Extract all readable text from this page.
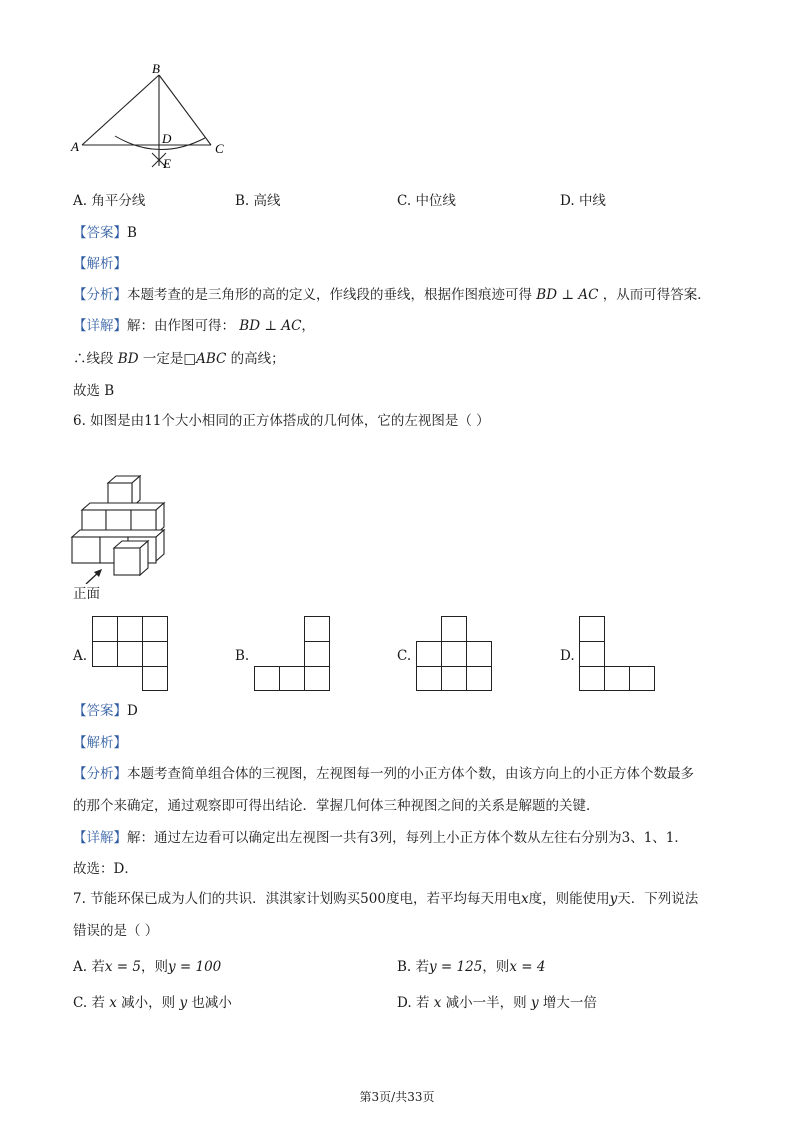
B
A
D
C
E
A. 角平分线	B. 高线	C. 中位线	D. 中线
【答案】B
【解析】
【分析】本题考查的是三角形的高的定义，作线段的垂线，根据作图痕迹可得 BD ⊥ AC ，从而可得答案．
【详解】解：由作图可得： BD ⊥ AC，
∴线段 BD 一定是□ABC 的高线；
故选 B
6. 如图是由11个大小相同的正方体搭成的几何体，它的左视图是（ ）
正面
A.	B.	C.	D.
【答案】D
【解析】
【分析】本题考查简单组合体的三视图，左视图每一列的小正方体个数，由该方向上的小正方体个数最多
的那个来确定，通过观察即可得出结论．掌握几何体三种视图之间的关系是解题的关键．
【详解】解：通过左边看可以确定出左视图一共有3列，每列上小正方体个数从左往右分别为3、1、1．
故选：D．
7. 节能环保已成为人们的共识．淇淇家计划购买500度电，若平均每天用电x度，则能使用y天．下列说法
错误的是（ ）
A. 若x = 5，则y = 100	B. 若y = 125，则x = 4
C. 若 x 减小，则 y 也减小	D. 若 x 减小一半，则 y 增大一倍
第3页/共33页
